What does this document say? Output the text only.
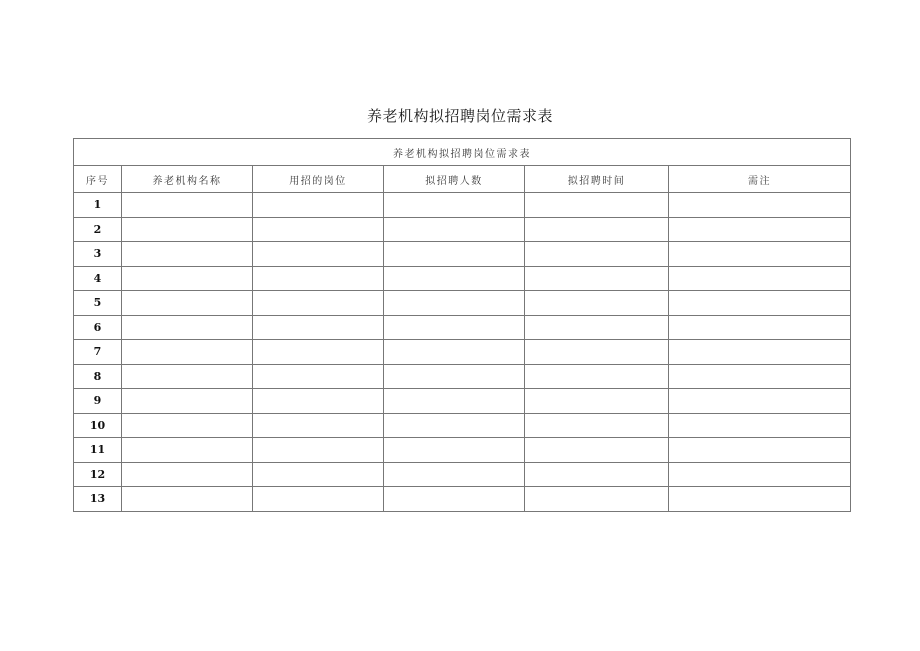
养老机构拟招聘岗位需求表
养老机构拟招聘岗位需求表					
序号	养老机构名称	用招的岗位	拟招聘人数	拟招聘时间	需注
1					
2					
3					
4					
5					
6					
7					
8					
9					
10					
11					
12					
13					
